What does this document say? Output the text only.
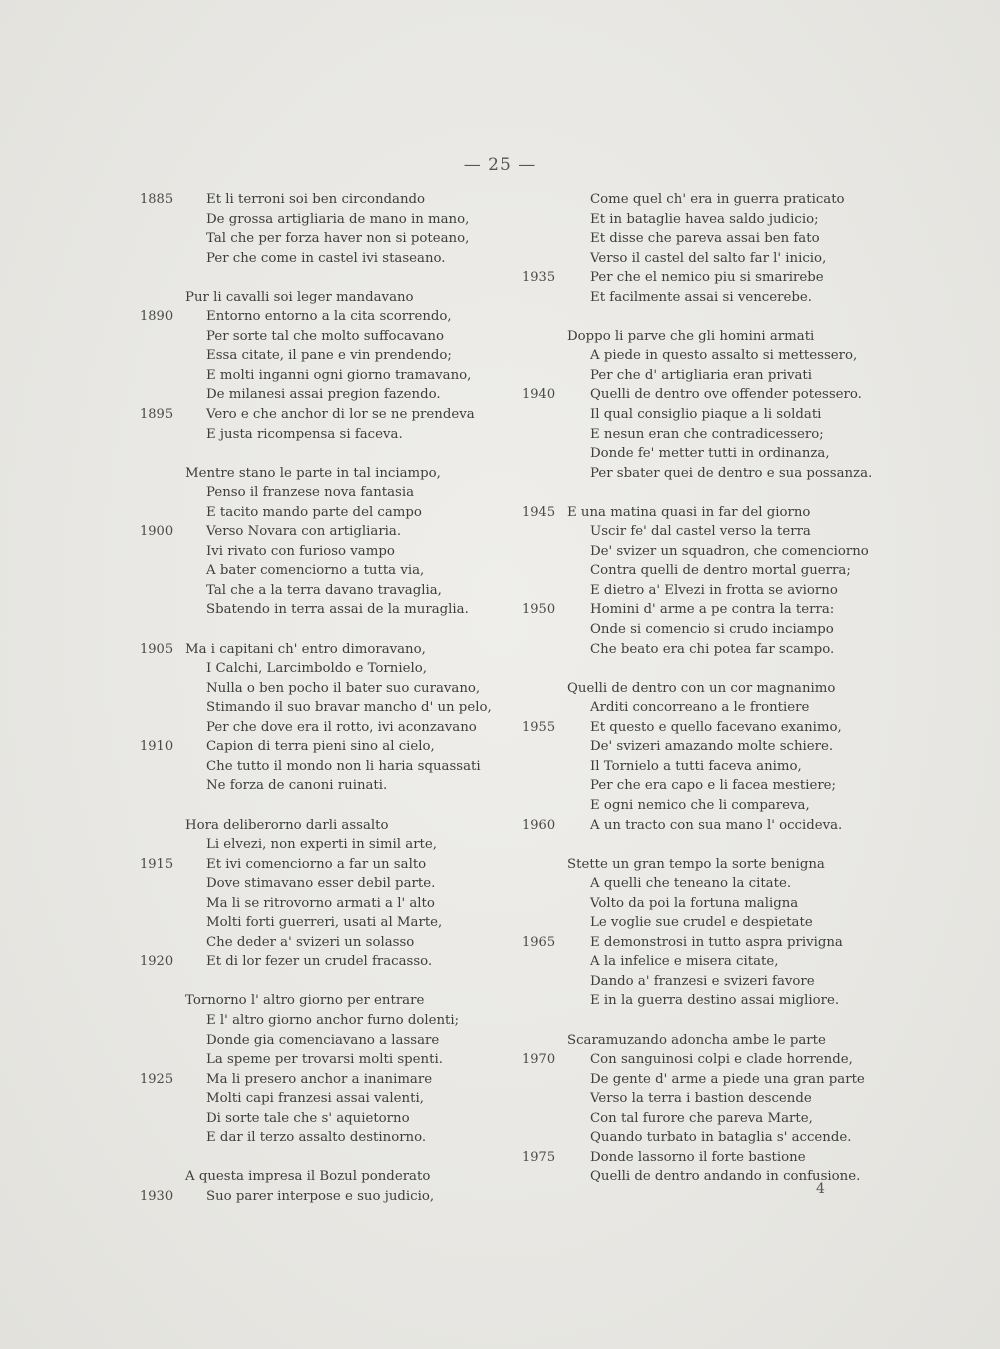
— 25 —
1885	Et li terroni soi ben circondando
De grossa artigliaria de mano in mano,
Tal che per forza haver non si poteano,
Per che come in castel ivi staseano.
Pur li cavalli soi leger mandavano
1890	Entorno entorno a la cita scorrendo,
Per sorte tal che molto suffocavano
Essa citate, il pane e vin prendendo;
E molti inganni ogni giorno tramavano,
De milanesi assai pregion fazendo.
1895	Vero e che anchor di lor se ne prendeva
E justa ricompensa si faceva.
Mentre stano le parte in tal inciampo,
Penso il franzese nova fantasia
E tacito mando parte del campo
1900	Verso Novara con artigliaria.
Ivi rivato con furioso vampo
A bater comenciorno a tutta via,
Tal che a la terra davano travaglia,
Sbatendo in terra assai de la muraglia.
1905 Ma i capitani ch' entro dimoravano,
I Calchi, Larcimboldo e Tornielo,
Nulla o ben pocho il bater suo curavano,
Stimando il suo bravar mancho d' un pelo,
Per che dove era il rotto, ivi aconzavano
1910	Capion di terra pieni sino al cielo,
Che tutto il mondo non li haria squassati
Ne forza de canoni ruinati.
Hora deliberorno darli assalto
Li elvezi, non experti in simil arte,
1915	Et ivi comenciorno a far un salto
Dove stimavano esser debil parte.
Ma li se ritrovorno armati a l' alto
Molti forti guerreri, usati al Marte,
Che deder a' svizeri un solasso
1920	Et di lor fezer un crudel fracasso.
Tornorno l' altro giorno per entrare
E l' altro giorno anchor furno dolenti;
Donde gia comenciavano a lassare
La speme per trovarsi molti spenti.
1925	Ma li presero anchor a inanimare
Molti capi franzesi assai valenti,
Di sorte tale che s' aquietorno
E dar il terzo assalto destinorno.
A questa impresa il Bozul ponderato
1930	Suo parer interpose e suo judicio,
Come quel ch' era in guerra praticato
Et in bataglie havea saldo judicio;
Et disse che pareva assai ben fato
Verso il castel del salto far l' inicio,
1935	Per che el nemico piu si smarirebe
Et facilmente assai si vencerebe.
Doppo li parve che gli homini armati
A piede in questo assalto si mettessero,
Per che d' artigliaria eran privati
1940	Quelli de dentro ove offender potessero.
Il qual consiglio piaque a li soldati
E nesun eran che contradicessero;
Donde fe' metter tutti in ordinanza,
Per sbater quei de dentro e sua possanza.
1945 E una matina quasi in far del giorno
Uscir fe' dal castel verso la terra
De' svizer un squadron, che comenciorno
Contra quelli de dentro mortal guerra;
E dietro a' Elvezi in frotta se aviorno
1950	Homini d' arme a pe contra la terra:
Onde si comencio si crudo inciampo
Che beato era chi potea far scampo.
Quelli de dentro con un cor magnanimo
Arditi concorreano a le frontiere
1955	Et questo e quello facevano exanimo,
De' svizeri amazando molte schiere.
Il Tornielo a tutti faceva animo,
Per che era capo e li facea mestiere;
E ogni nemico che li compareva,
1960	A un tracto con sua mano l' occideva.
Stette un gran tempo la sorte benigna
A quelli che teneano la citate.
Volto da poi la fortuna maligna
Le voglie sue crudel e despietate
1965	E demonstrosi in tutto aspra privigna
A la infelice e misera citate,
Dando a' franzesi e svizeri favore
E in la guerra destino assai migliore.
Scaramuzando adoncha ambe le parte
1970	Con sanguinosi colpi e clade horrende,
De gente d' arme a piede una gran parte
Verso la terra i bastion descende
Con tal furore che pareva Marte,
Quando turbato in bataglia s' accende.
1975	Donde lassorno il forte bastione
Quelli de dentro andando in confusione.
4
